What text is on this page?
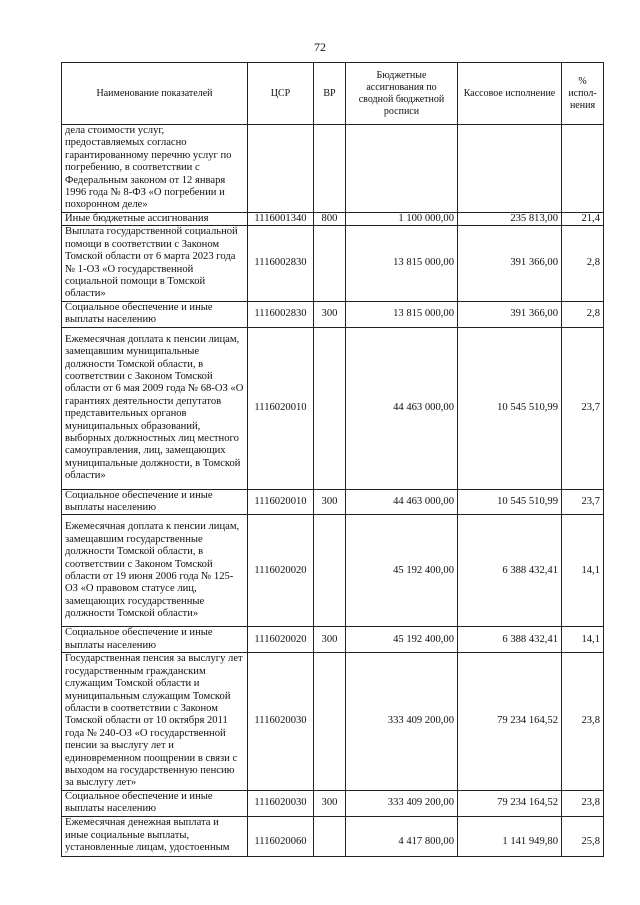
72
Наименование показателей	ЦСР	ВР	Бюджетные ассигнования по сводной бюджетной росписи	Кассовое исполнение	% испол-нения
дела стоимости услуг, предоставляемых согласно гарантированному перечню услуг по погребению, в соответствии с Федеральным законом от 12 января 1996 года № 8-ФЗ «О погребении и похоронном деле»					
Иные бюджетные ассигнования	1116001340	800	1 100 000,00	235 813,00	21,4
Выплата государственной социальной помощи в соответствии с Законом Томской области от 6 марта 2023 года № 1-ОЗ «О государственной социальной помощи в Томской области»	1116002830		13 815 000,00	391 366,00	2,8
Социальное обеспечение и иные выплаты населению	1116002830	300	13 815 000,00	391 366,00	2,8
Ежемесячная доплата к пенсии лицам, замещавшим муниципальные должности Томской области, в соответствии с Законом Томской области от 6 мая 2009 года № 68-ОЗ «О гарантиях деятельности депутатов представительных органов муниципальных образований, выборных должностных лиц местного самоуправления, лиц, замещающих муниципальные должности, в Томской области»	1116020010		44 463 000,00	10 545 510,99	23,7
Социальное обеспечение и иные выплаты населению	1116020010	300	44 463 000,00	10 545 510,99	23,7
Ежемесячная доплата к пенсии лицам, замещавшим государственные должности Томской области, в соответствии с Законом Томской области от 19 июня 2006 года № 125-ОЗ «О правовом статусе лиц, замещающих государственные должности Томской области»	1116020020		45 192 400,00	6 388 432,41	14,1
Социальное обеспечение и иные выплаты населению	1116020020	300	45 192 400,00	6 388 432,41	14,1
Государственная пенсия за выслугу лет государственным гражданским служащим Томской области и муниципальным служащим Томской области в соответствии с Законом Томской области от 10 октября 2011 года № 240-ОЗ «О государственной пенсии за выслугу лет и единовременном поощрении в связи с выходом на государственную пенсию за выслугу лет»	1116020030		333 409 200,00	79 234 164,52	23,8
Социальное обеспечение и иные выплаты населению	1116020030	300	333 409 200,00	79 234 164,52	23,8
Ежемесячная денежная выплата и иные социальные выплаты, установленные лицам, удостоенным	1116020060		4 417 800,00	1 141 949,80	25,8
